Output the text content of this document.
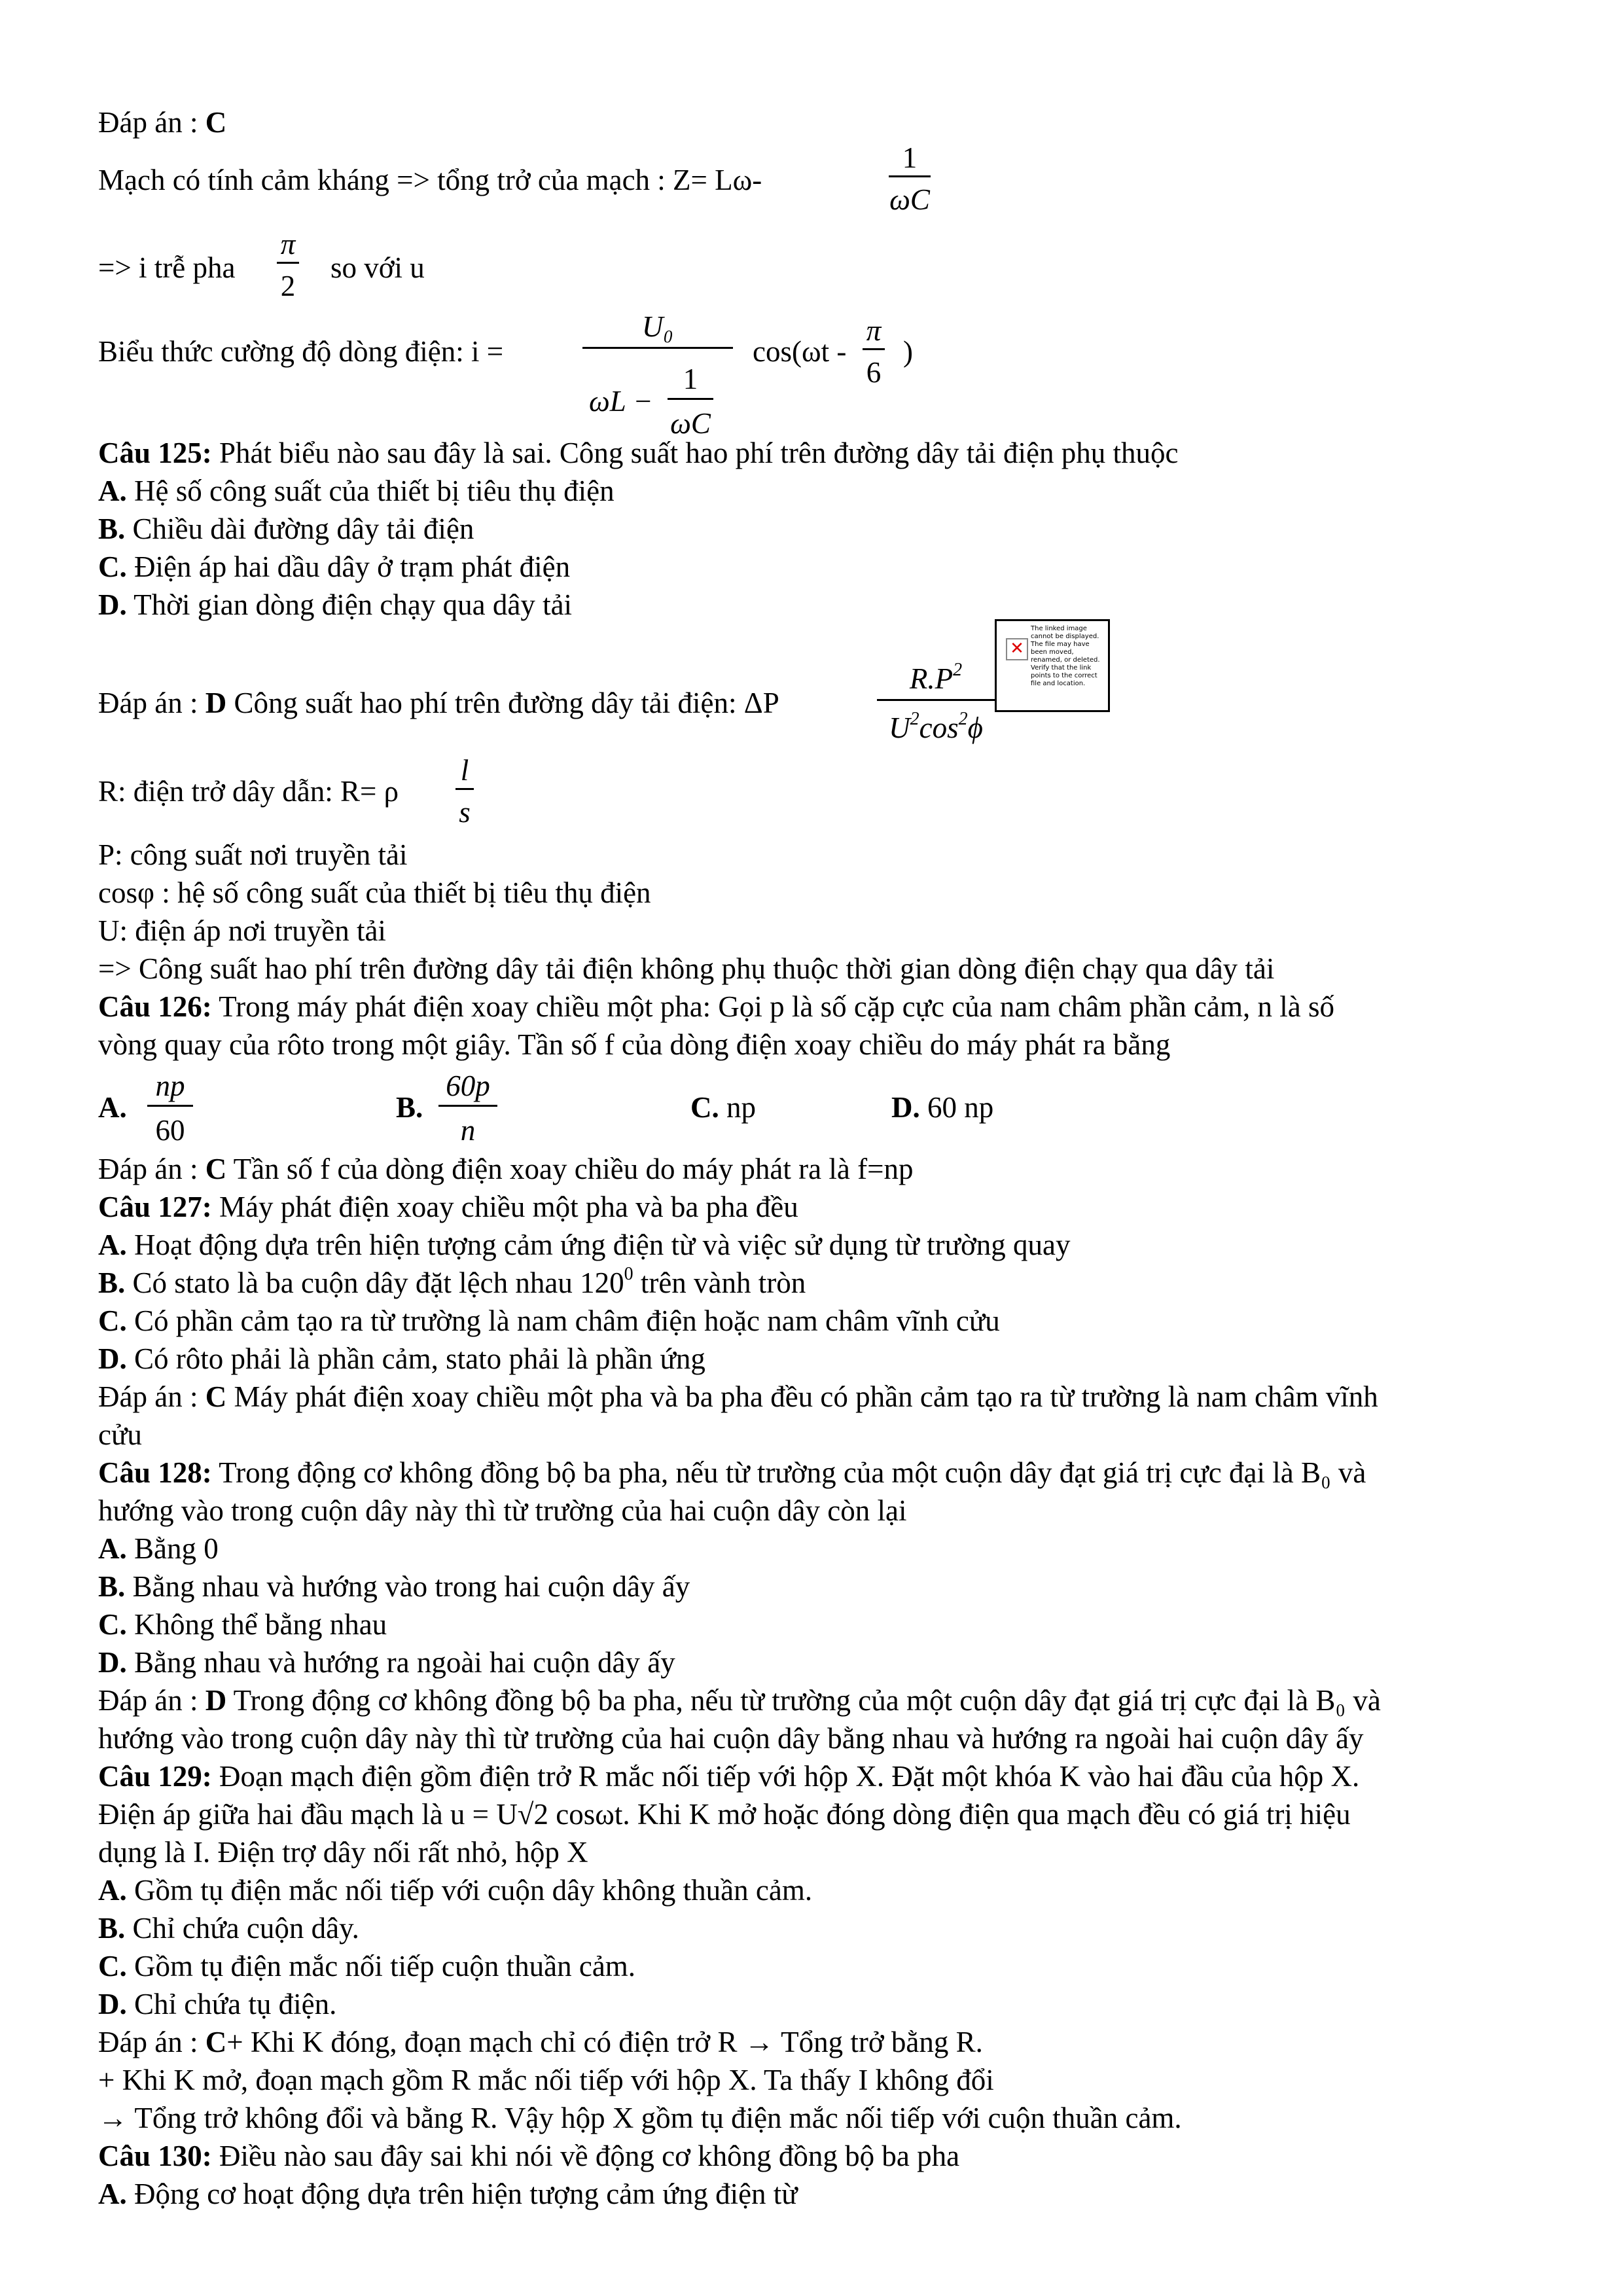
Đáp án : C
Mạch có tính cảm kháng => tổng trở của mạch : Z= Lω-
1
ωC
=> i trễ pha
π
2
so với u
Biểu thức cường độ dòng điện: i =
U₀
ωL −
1
ωC
cos(ωt -
π
6
)
Câu 125: Phát biểu nào sau đây là sai. Công suất hao phí trên đường dây tải điện phụ thuộc
A. Hệ số công suất của thiết bị tiêu thụ điện
B. Chiều dài đường dây tải điện
C. Điện áp hai dầu dây ở trạm phát điện
D. Thời gian dòng điện chạy qua dây tải
Đáp án : D Công suất hao phí trên đường dây tải điện: ΔP
$R.P^2$
$U^2\cos^2\phi$
✕
The linked image cannot be displayed. The file may have been moved, renamed, or deleted. Verify that the link points to the correct file and location.
R: điện trở dây dẫn: R= ρ
l
s
P: công suất nơi truyền tải
cosφ : hệ số công suất của thiết bị tiêu thụ điện
U: điện áp nơi truyền tải
=> Công suất hao phí trên đường dây tải điện không phụ thuộc thời gian dòng điện chạy qua dây tải
Câu 126: Trong máy phát điện xoay chiều một pha: Gọi p là số cặp cực của nam châm phần cảm, n là số
vòng quay của rôto trong một giây. Tần số f của dòng điện xoay chiều do máy phát ra bằng
A.
np
60
B.
60p
n
C. np	D. 60 np
Đáp án : C Tần số f của dòng điện xoay chiều do máy phát ra là f=np
Câu 127: Máy phát điện xoay chiều một pha và ba pha đều
A. Hoạt động dựa trên hiện tượng cảm ứng điện từ và việc sử dụng từ trường quay
B. Có stato là ba cuộn dây đặt lệch nhau $120^0$ trên vành tròn
C. Có phần cảm tạo ra từ trường là nam châm điện hoặc nam châm vĩnh cửu
D. Có rôto phải là phần cảm, stato phải là phần ứng
Đáp án : C Máy phát điện xoay chiều một pha và ba pha đều có phần cảm tạo ra từ trường là nam châm vĩnh
cửu
Câu 128: Trong động cơ không đồng bộ ba pha, nếu từ trường của một cuộn dây đạt giá trị cực đại là B₀ và
hướng vào trong cuộn dây này thì từ trường của hai cuộn dây còn lại
A. Bằng 0
B. Bằng nhau và hướng vào trong hai cuộn dây ấy
C. Không thể bằng nhau
D. Bằng nhau và hướng ra ngoài hai cuộn dây ấy
Đáp án : D Trong động cơ không đồng bộ ba pha, nếu từ trường của một cuộn dây đạt giá trị cực đại là B₀ và
hướng vào trong cuộn dây này thì từ trường của hai cuộn dây bằng nhau và hướng ra ngoài hai cuộn dây ấy
Câu 129: Đoạn mạch điện gồm điện trở R mắc nối tiếp với hộp X. Đặt một khóa K vào hai đầu của hộp X.
Điện áp giữa hai đầu mạch là u = U√2 cosωt. Khi K mở hoặc đóng dòng điện qua mạch đều có giá trị hiệu
dụng là I. Điện trợ dây nối rất nhỏ, hộp X
A. Gồm tụ điện mắc nối tiếp với cuộn dây không thuần cảm.
B. Chỉ chứa cuộn dây.
C. Gồm tụ điện mắc nối tiếp cuộn thuần cảm.
D. Chỉ chứa tụ điện.
Đáp án : C+ Khi K đóng, đoạn mạch chỉ có điện trở R → Tổng trở bằng R.
+ Khi K mở, đoạn mạch gồm R mắc nối tiếp với hộp X. Ta thấy I không đổi
→ Tổng trở không đổi và bằng R. Vậy hộp X gồm tụ điện mắc nối tiếp với cuộn thuần cảm.
Câu 130: Điều nào sau đây sai khi nói về động cơ không đồng bộ ba pha
A. Động cơ hoạt động dựa trên hiện tượng cảm ứng điện từ
